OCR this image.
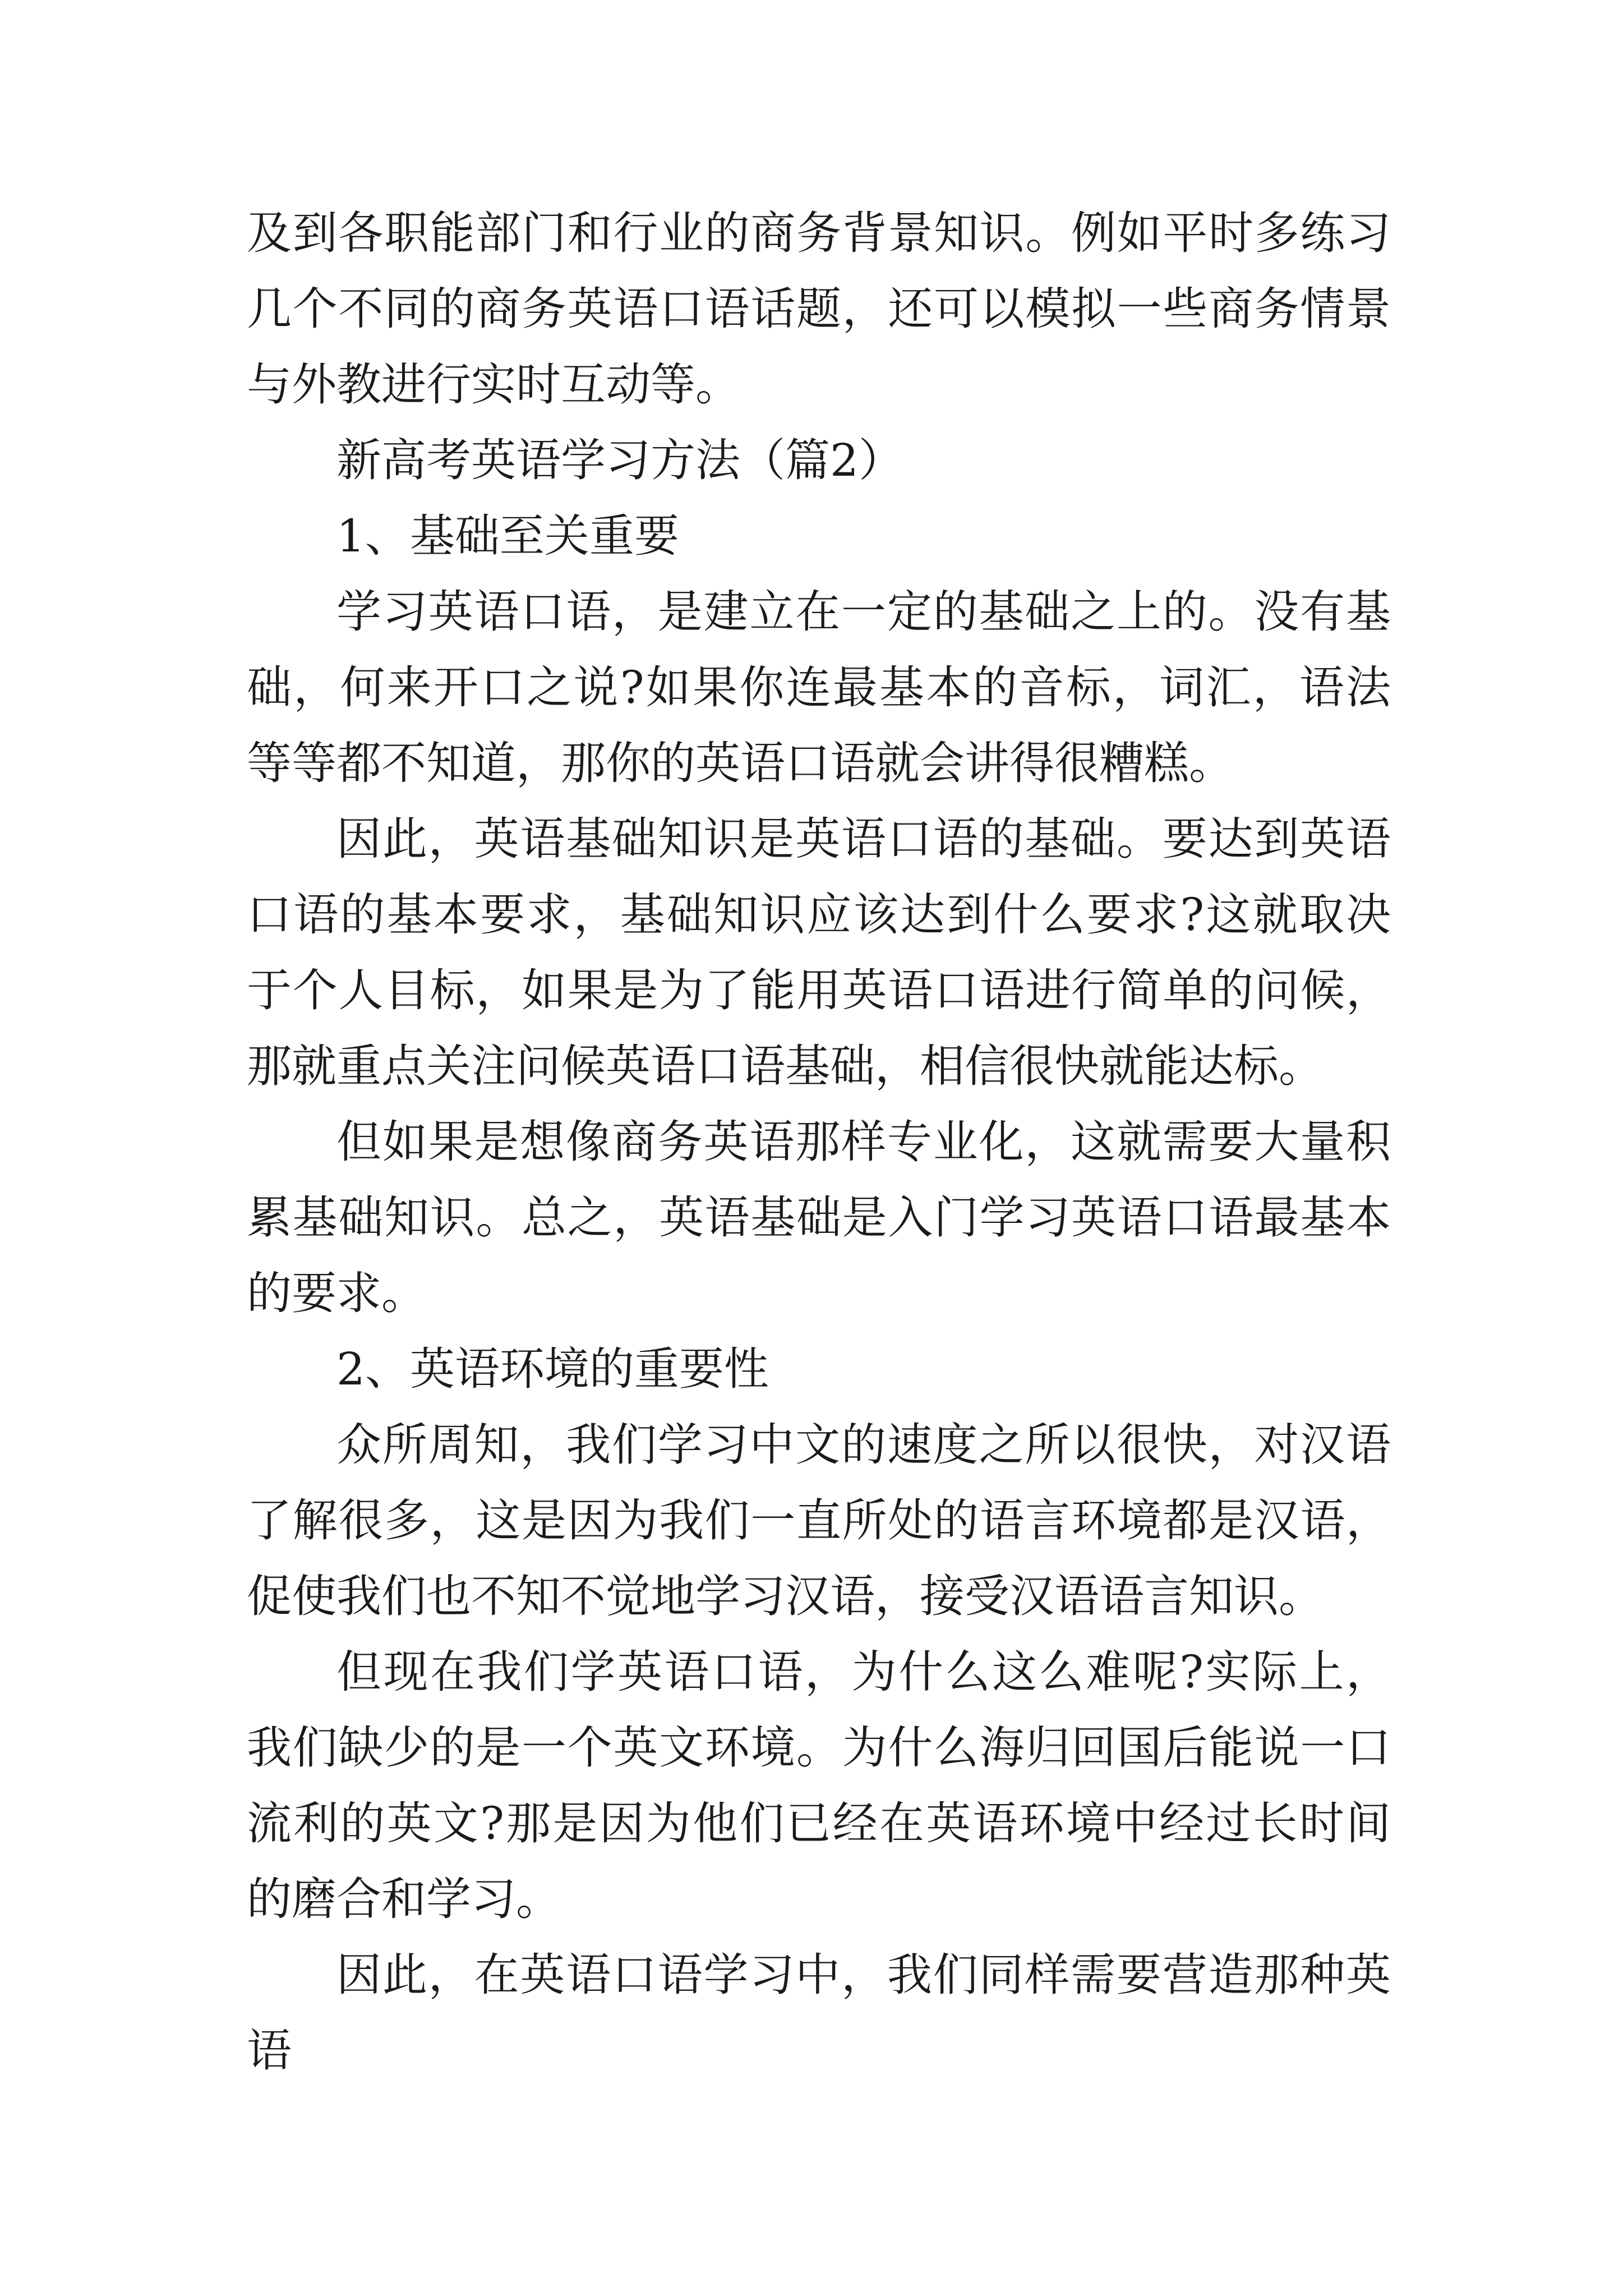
及到各职能部门和行业的商务背景知识。例如平时多练习几个不同的商务英语口语话题，还可以模拟一些商务情景与外教进行实时互动等。

新高考英语学习方法（篇2）

1、基础至关重要

学习英语口语，是建立在一定的基础之上的。没有基础，何来开口之说?如果你连最基本的音标，词汇，语法等等都不知道，那你的英语口语就会讲得很糟糕。

因此，英语基础知识是英语口语的基础。要达到英语口语的基本要求，基础知识应该达到什么要求?这就取决于个人目标，如果是为了能用英语口语进行简单的问候，那就重点关注问候英语口语基础，相信很快就能达标。

但如果是想像商务英语那样专业化，这就需要大量积累基础知识。总之，英语基础是入门学习英语口语最基本的要求。

2、英语环境的重要性

众所周知，我们学习中文的速度之所以很快，对汉语了解很多，这是因为我们一直所处的语言环境都是汉语，促使我们也不知不觉地学习汉语，接受汉语语言知识。

但现在我们学英语口语，为什么这么难呢?实际上，我们缺少的是一个英文环境。为什么海归回国后能说一口流利的英文?那是因为他们已经在英语环境中经过长时间的磨合和学习。

因此，在英语口语学习中，我们同样需要营造那种英语
